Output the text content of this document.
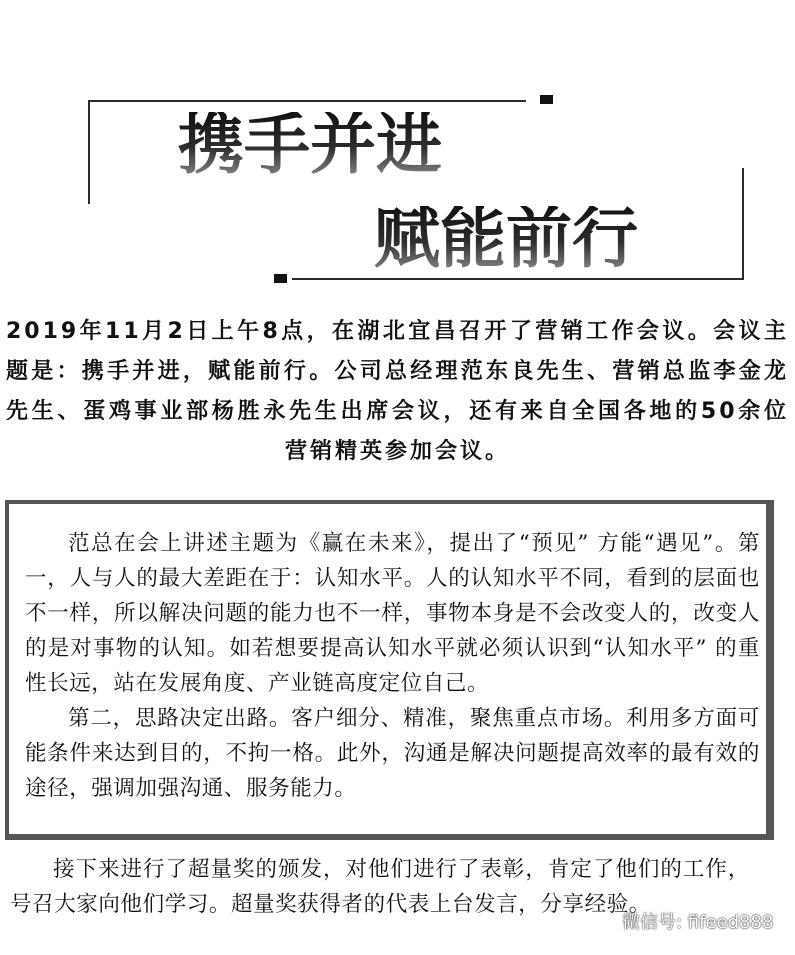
携手并进
赋能前行
2019年11月2日上午8点，在湖北宜昌召开了营销工作会议。会议主题是：携手并进，赋能前行。公司总经理范东良先生、营销总监李金龙先生、蛋鸡事业部杨胜永先生出席会议，还有来自全国各地的50余位营销精英参加会议。

范总在会上讲述主题为《赢在未来》，提出了“预见” 方能“遇见”。第一，人与人的最大差距在于：认知水平。人的认知水平不同，看到的层面也不一样，所以解决问题的能力也不一样，事物本身是不会改变人的，改变人的是对事物的认知。如若想要提高认知水平就必须认识到“认知水平” 的重性长远，站在发展角度、产业链高度定位自己。

第二，思路决定出路。客户细分、精准，聚焦重点市场。利用多方面可能条件来达到目的，不拘一格。此外，沟通是解决问题提高效率的最有效的途径，强调加强沟通、服务能力。

接下来进行了超量奖的颁发，对他们进行了表彰，肯定了他们的工作，号召大家向他们学习。超量奖获得者的代表上台发言，分享经验。

微信号: fifeed888
